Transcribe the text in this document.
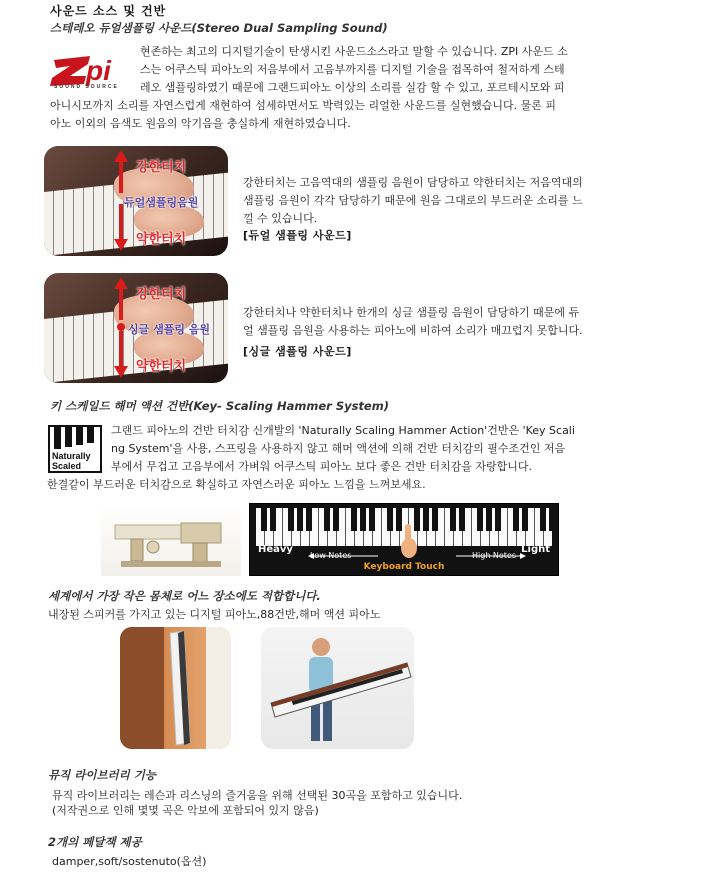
사운드 소스 및 건반
스테레오 듀얼샘플링 사운드(Stereo Dual Sampling Sound)
pi
SOUND SOURCE
현존하는 최고의 디지털기술이 탄생시킨 사운드소스라고 말할 수 있습니다. ZPI 사운드 소
스는 어쿠스틱 피아노의 저음부에서 고음부까지를 디지털 기술을 접목하여 철저하게 스테
레오 샘플링하였기 때문에 그랜드피아노 이상의 소리를 실감 할 수 있고, 포르테시모와 피
아니시모까지 소리를 자연스럽게 재현하여 섬세하면서도 박력있는 리얼한 사운드를 실현했습니다. 물론 피
아노 이외의 음색도 원음의 악기음을 충실하게 재현하였습니다.
강한터치
듀얼샘플링음원
약한터치
강한터치는 고음역대의 샘플링 음원이 담당하고 약한터치는 저음역대의
샘플링 음원이 각각 담당하기 때문에 원음 그대로의 부드러운 소리를 느
낄 수 있습니다.
[듀얼 샘플링 사운드]
강한터치
싱글 샘플링 음원
약한터치
강한터치나 약한터치나 한개의 싱글 샘플링 음원이 담당하기 때문에 듀
얼 샘플링 음원을 사용하는 피아노에 비하여 소리가 매끄럽지 못합니다.
[싱글 샘플링 사운드]
키 스케일드 해머 액션 건반(Key- Scaling Hammer System)
Naturally
Scaled
그랜드 피아노의 건반 터치감 신개발의 'Naturally Scaling Hammer Action'건반은 'Key Scali
ng System'을 사용, 스프링을 사용하지 않고 해머 액션에 의해 건반 터치감의 필수조건인 저음
부에서 무겁고 고음부에서 가벼워 어쿠스틱 피아노 보다 좋은 건반 터치감을 자랑합니다.
한결같이 부드러운 터치감으로 확실하고 자연스러운 피아노 느낌을 느껴보세요.
Heavy	Light
Low Notes	High Notes
Keyboard Touch
세계에서 가장 작은 몸체로 어느 장소에도 적합합니다.
내장된 스피커를 가지고 있는 디지털 피아노,88건반,해머 액션 피아노
뮤직 라이브러리 기능
뮤직 라이브러리는 레슨과 리스닝의 즐거움을 위해 선택된 30곡을 포함하고 있습니다.
(저작권으로 인해 몇몇 곡은 악보에 포함되어 있지 않음)
2개의 페달잭 제공
damper,soft/sostenuto(옵션)
